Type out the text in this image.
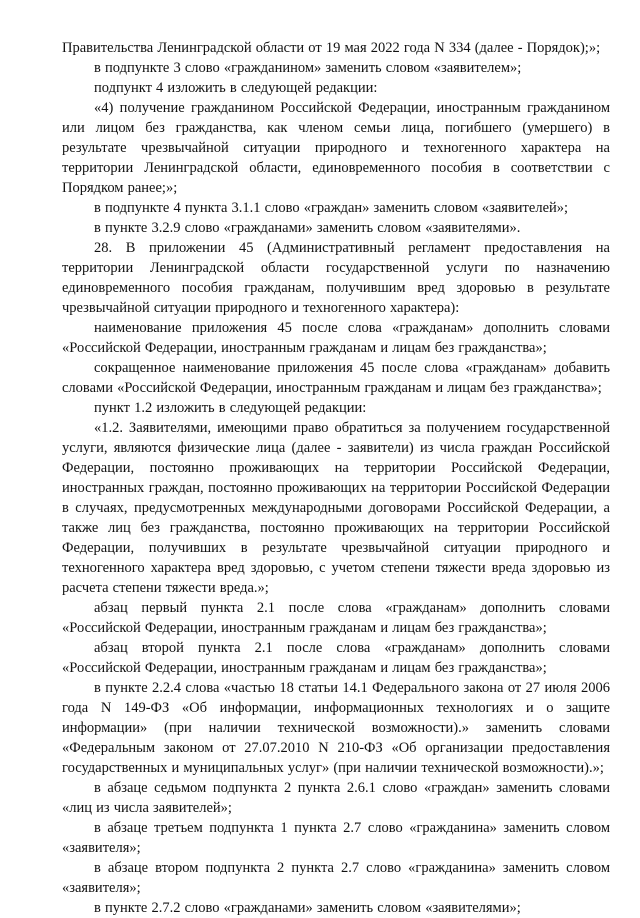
Правительства Ленинградской области от 19 мая 2022 года N 334 (далее - Порядок);»;

в подпункте 3 слово «гражданином» заменить словом «заявителем»;

подпункт 4 изложить в следующей редакции:

«4) получение гражданином Российской Федерации, иностранным гражданином или лицом без гражданства, как членом семьи лица, погибшего (умершего) в результате чрезвычайной ситуации природного и техногенного характера на территории Ленинградской области, единовременного пособия в соответствии с Порядком ранее;»;

в подпункте 4 пункта 3.1.1 слово «граждан» заменить словом «заявителей»;

в пункте 3.2.9 слово «гражданами» заменить словом «заявителями».

28. В приложении 45 (Административный регламент предоставления на территории Ленинградской области государственной услуги по назначению единовременного пособия гражданам, получившим вред здоровью в результате чрезвычайной ситуации природного и техногенного характера):

наименование приложения 45 после слова «гражданам» дополнить словами «Российской Федерации, иностранным гражданам и лицам без гражданства»;

сокращенное наименование приложения 45 после слова «гражданам» добавить словами «Российской Федерации, иностранным гражданам и лицам без гражданства»;

пункт 1.2 изложить в следующей редакции:

«1.2. Заявителями, имеющими право обратиться за получением государственной услуги, являются физические лица (далее - заявители) из числа граждан Российской Федерации, постоянно проживающих на территории Российской Федерации, иностранных граждан, постоянно проживающих на территории Российской Федерации в случаях, предусмотренных международными договорами Российской Федерации, а также лиц без гражданства, постоянно проживающих на территории Российской Федерации, получивших в результате чрезвычайной ситуации природного и техногенного характера вред здоровью, с учетом степени тяжести вреда здоровью из расчета степени тяжести вреда.»;

абзац первый пункта 2.1 после слова «гражданам» дополнить словами «Российской Федерации, иностранным гражданам и лицам без гражданства»;

абзац второй пункта 2.1 после слова «гражданам» дополнить словами «Российской Федерации, иностранным гражданам и лицам без гражданства»;

в пункте 2.2.4 слова «частью 18 статьи 14.1 Федерального закона от 27 июля 2006 года N 149-ФЗ «Об информации, информационных технологиях и о защите информации» (при наличии технической возможности).» заменить словами «Федеральным законом от 27.07.2010 N 210-ФЗ «Об организации предоставления государственных и муниципальных услуг» (при наличии технической возможности).»;

в абзаце седьмом подпункта 2 пункта 2.6.1 слово «граждан» заменить словами «лиц из числа заявителей»;

в абзаце третьем подпункта 1 пункта 2.7 слово «гражданина» заменить словом «заявителя»;

в абзаце втором подпункта 2 пункта 2.7 слово «гражданина» заменить словом «заявителя»;

в пункте 2.7.2 слово «гражданами» заменить словом «заявителями»;
